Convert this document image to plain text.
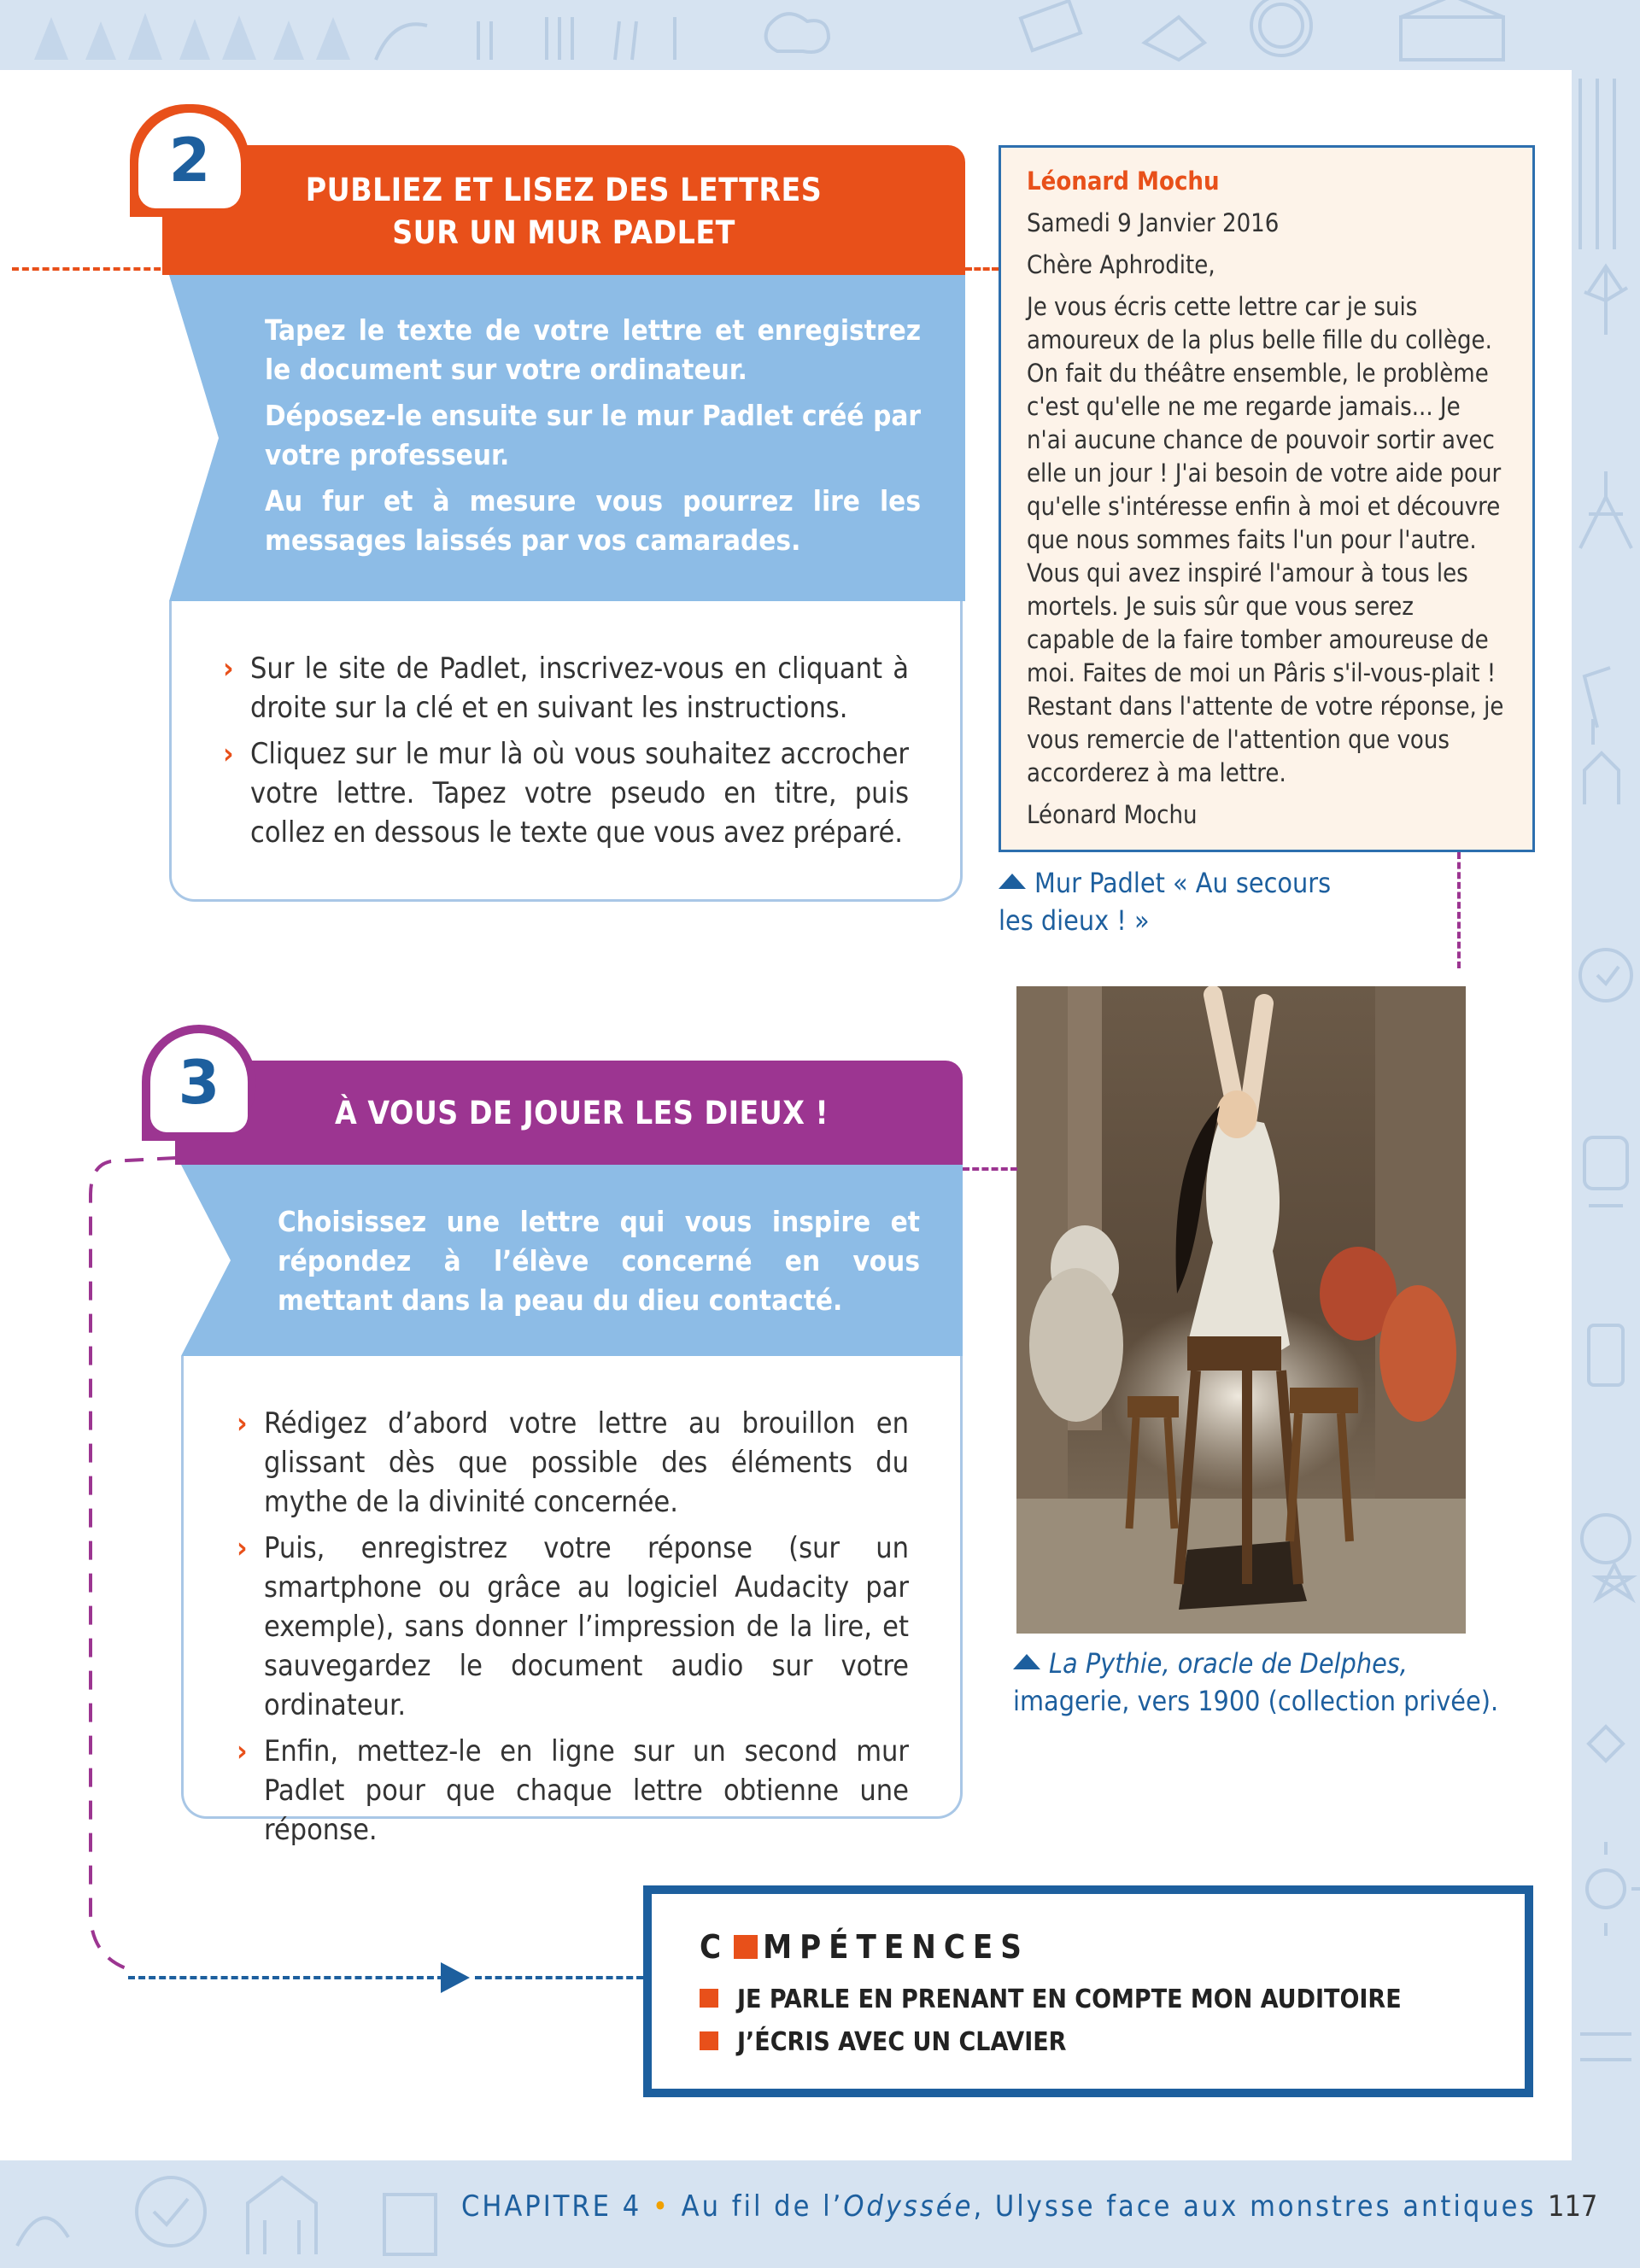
PUBLIEZ ET LISEZ DES LETTRES
SUR UN MUR PADLET
2

Tapez le texte de votre lettre et enregistrez le document sur votre ordinateur.

Déposez-le ensuite sur le mur Padlet créé par votre professeur.

Au fur et à mesure vous pourrez lire les messages laissés par vos camarades.

› Sur le site de Padlet, inscrivez-vous en cliquant à droite sur la clé et en suivant les instructions.
› Cliquez sur le mur là où vous souhaitez accrocher votre lettre. Tapez votre pseudo en titre, puis collez en dessous le texte que vous avez préparé.

Léonard Mochu

Samedi 9 Janvier 2016

Chère Aphrodite,

Je vous écris cette lettre car je suis amoureux de la plus belle fille du collège. On fait du théâtre ensemble, le problème c'est qu'elle ne me regarde jamais... Je n'ai aucune chance de pouvoir sortir avec elle un jour ! J'ai besoin de votre aide pour qu'elle s'intéresse enfin à moi et découvre que nous sommes faits l'un pour l'autre. Vous qui avez inspiré l'amour à tous les mortels. Je suis sûr que vous serez capable de la faire tomber amoureuse de moi. Faites de moi un Pâris s'il-vous-plait ! Restant dans l'attente de votre réponse, je vous remercie de l'attention que vous accorderez à ma lettre.

Léonard Mochu

Mur Padlet « Au secours les dieux ! »
La Pythie, oracle de Delphes,
imagerie, vers 1900 (collection privée).
À VOUS DE JOUER LES DIEUX !
3

Choisissez une lettre qui vous inspire et répondez à l’élève concerné en vous mettant dans la peau du dieu contacté.

› Rédigez d’abord votre lettre au brouillon en glissant dès que possible des éléments du mythe de la divinité concernée.
› Puis, enregistrez votre réponse (sur un smartphone ou grâce au logiciel Audacity par exemple), sans donner l’impression de la lire, et sauvegardez le document audio sur votre ordinateur.
› Enfin, mettez-le en ligne sur un second mur Padlet pour que chaque lettre obtienne une réponse.
C MPÉTENCES
JE PARLE EN PRENANT EN COMPTE MON AUDITOIRE
J’ÉCRIS AVEC UN CLAVIER
CHAPITRE 4 • Au fil de l’Odyssée, Ulysse face aux monstres antiques 117
